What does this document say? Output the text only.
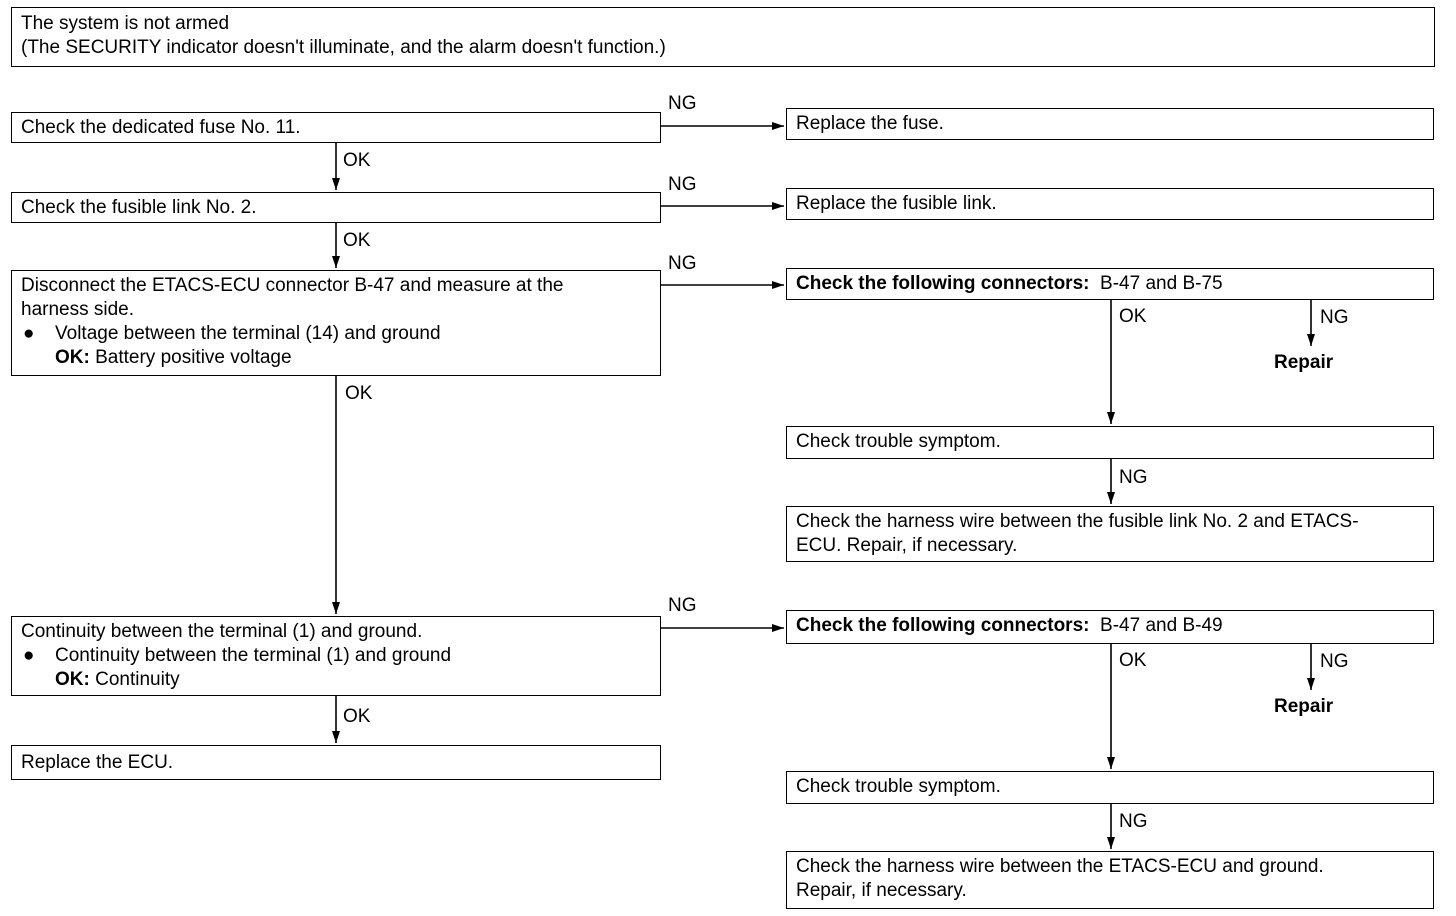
The system is not armed
(The SECURITY indicator doesn't illuminate, and the alarm doesn't function.)
Check the dedicated fuse No. 11.
Check the fusible link No. 2.
Disconnect the ETACS-ECU connector B-47 and measure at the
harness side.
● Voltage between the terminal (14) and ground
OK: Battery positive voltage
Continuity between the terminal (1) and ground.
● Continuity between the terminal (1) and ground
OK: Continuity
Replace the ECU.
Replace the fuse.
Replace the fusible link.
Check the following connectors: B-47 and B-75
Check trouble symptom.
Check the harness wire between the fusible link No. 2 and ETACS-
ECU. Repair, if necessary.
Check the following connectors: B-47 and B-49
Check trouble symptom.
Check the harness wire between the ETACS-ECU and ground.
Repair, if necessary.
OK
OK
OK
OK
NG
NG
NG
NG
OK	NG
Repair
NG
OK	NG
Repair
NG
